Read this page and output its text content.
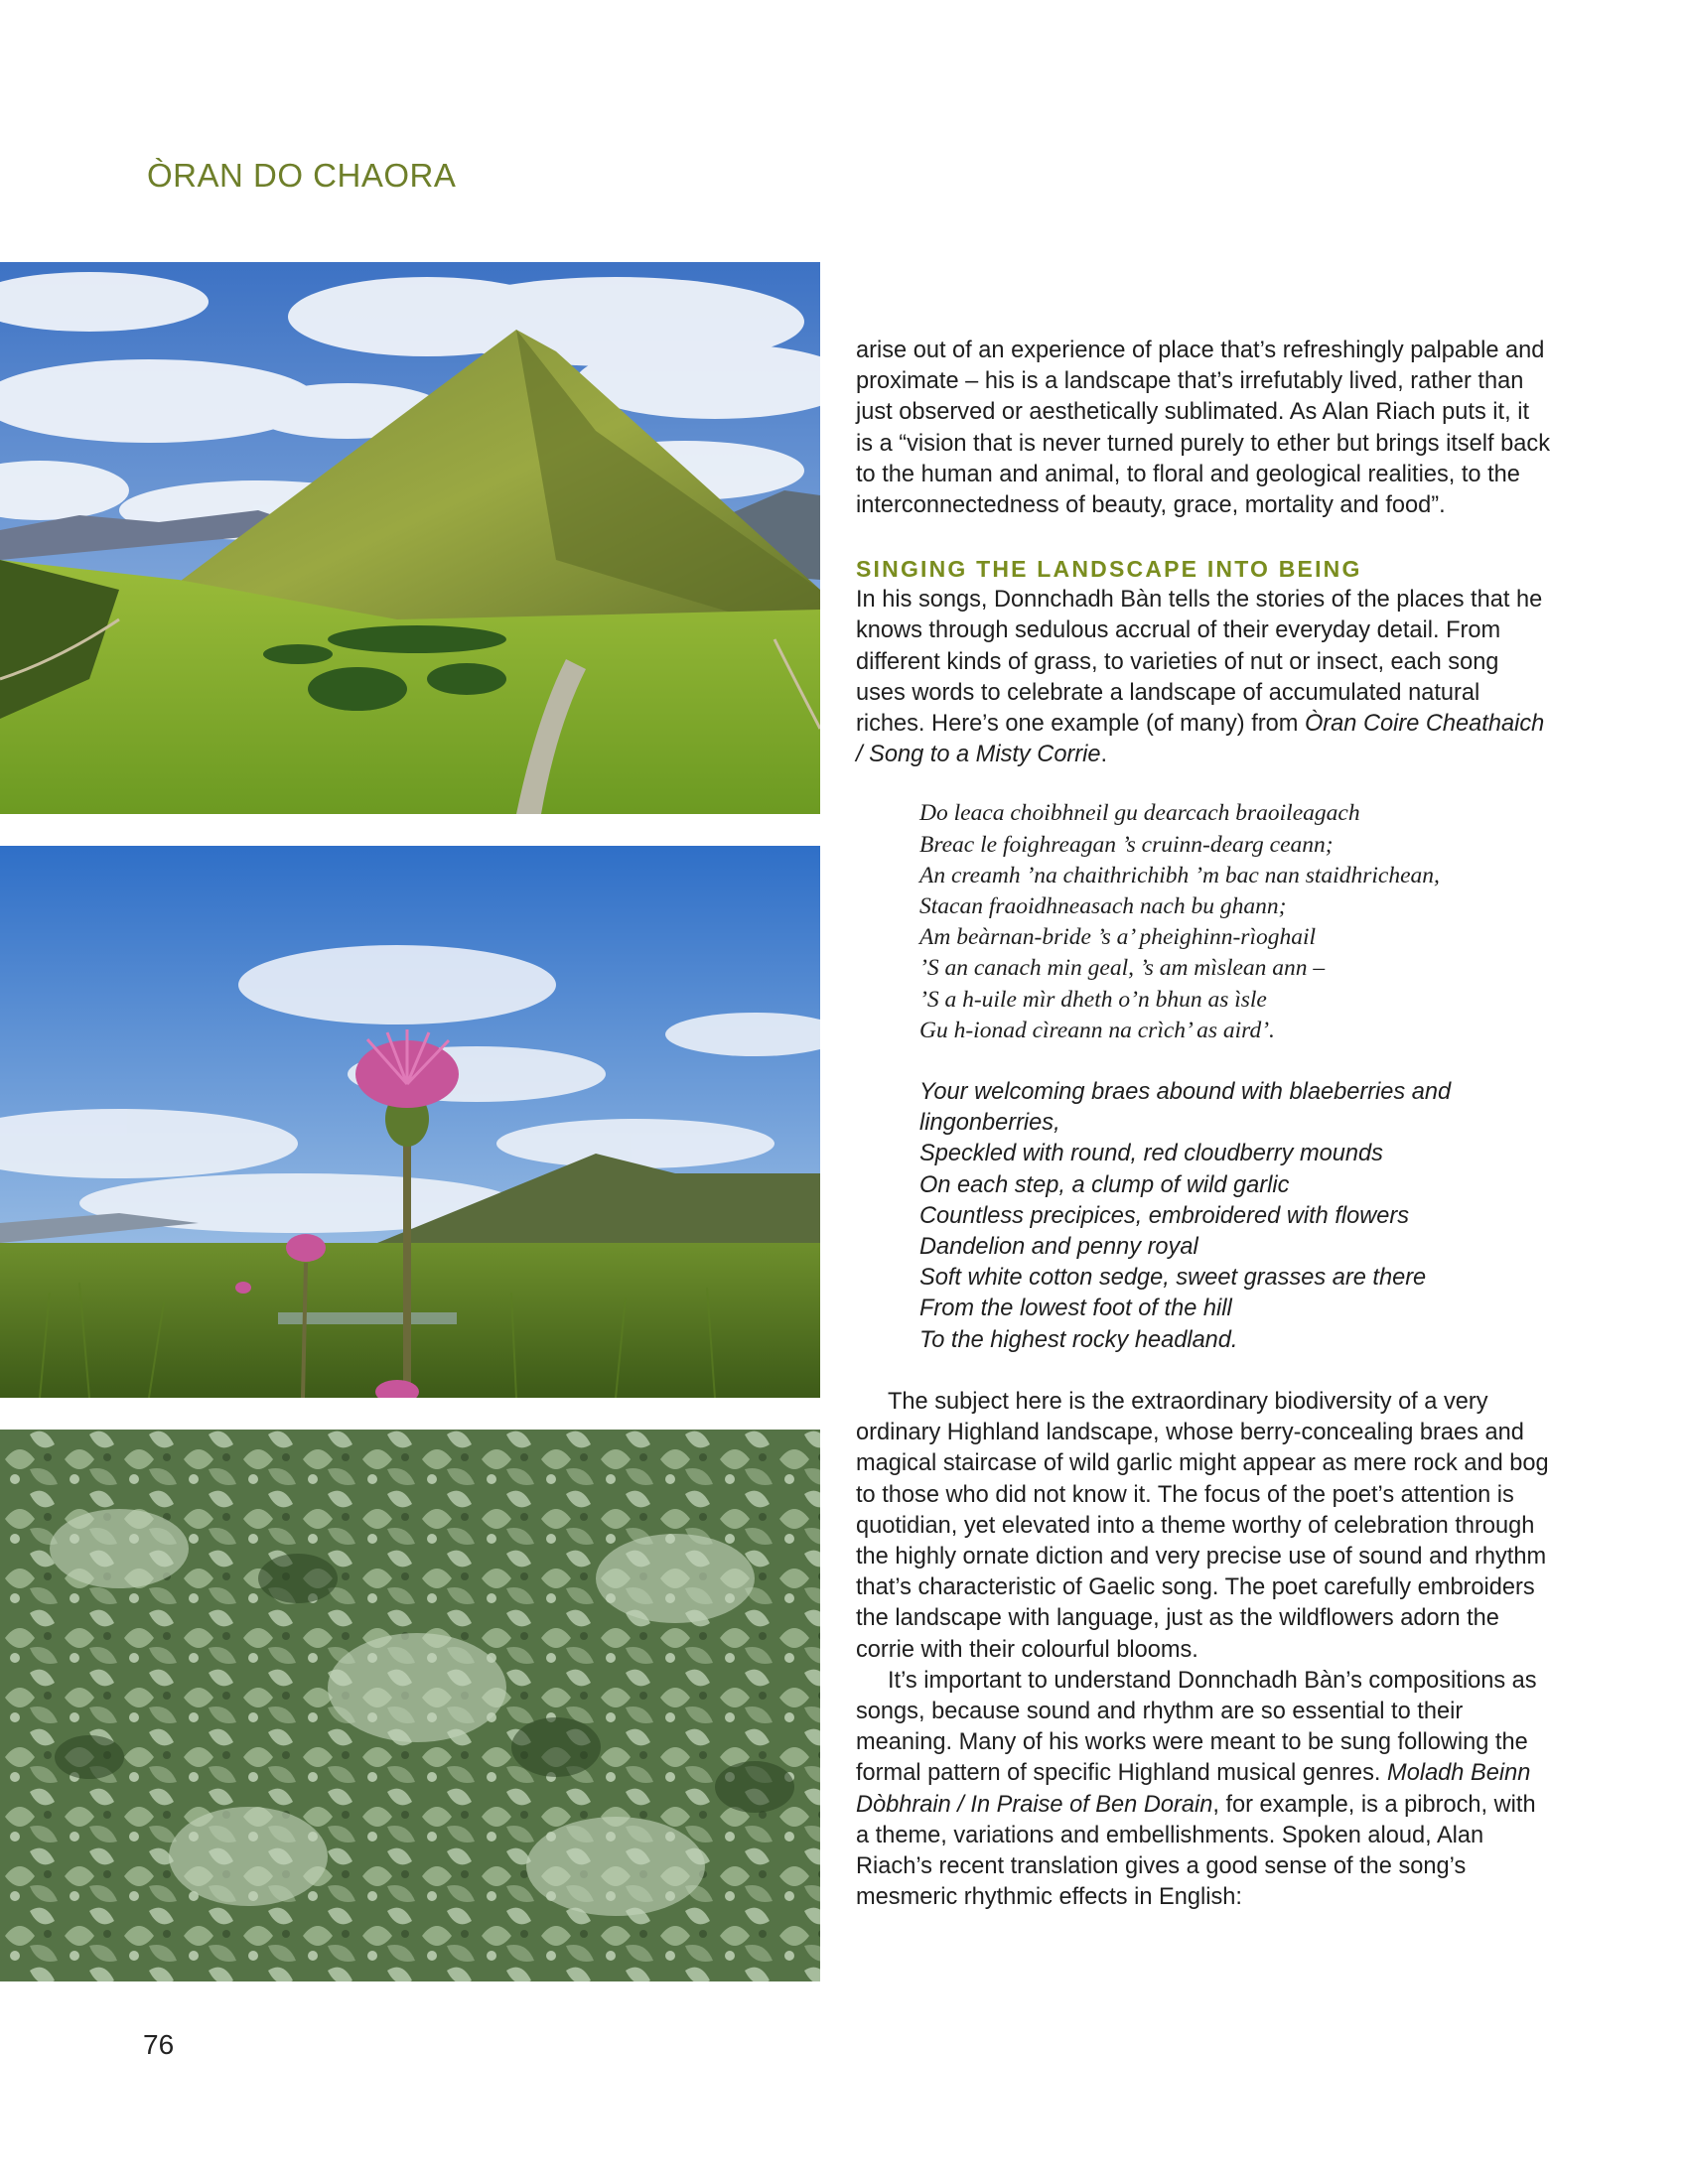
ÒRAN DO CHAORA

arise out of an experience of place that’s refreshingly palpable and proximate – his is a landscape that’s irrefutably lived, rather than just observed or aesthetically sublimated. As Alan Riach puts it, it is a “vision that is never turned purely to ether but brings itself back to the human and animal, to floral and geological realities, to the interconnectedness of beauty, grace, mortality and food”.

SINGING THE LANDSCAPE INTO BEING

In his songs, Donnchadh Bàn tells the stories of the places that he knows through sedulous accrual of their everyday detail. From different kinds of grass, to varieties of nut or insect, each song uses words to celebrate a landscape of accumulated natural riches. Here’s one example (of many) from Òran Coire Cheathaich / Song to a Misty Corrie.

Do leaca choibhneil gu dearcach braoileagach
Breac le foighreagan ’s cruinn-dearg ceann;
An creamh ’na chaithrichibh ’m bac nan staidhrichean,
Stacan fraoidhneasach nach bu ghann;
Am beàrnan-bride ’s a’ pheighinn-rìoghail
’S an canach min geal, ’s am mìslean ann –
’S a h-uile mìr dheth o’n bhun as ìsle
Gu h-ionad cìreann na crìch’ as aird’.
Your welcoming braes abound with blaeberries and
lingonberries,
Speckled with round, red cloudberry mounds
On each step, a clump of wild garlic
Countless precipices, embroidered with flowers
Dandelion and penny royal
Soft white cotton sedge, sweet grasses are there
From the lowest foot of the hill
To the highest rocky headland.

The subject here is the extraordinary biodiversity of a very ordinary Highland landscape, whose berry-concealing braes and magical staircase of wild garlic might appear as mere rock and bog to those who did not know it. The focus of the poet’s attention is quotidian, yet elevated into a theme worthy of celebration through the highly ornate diction and very precise use of sound and rhythm that’s characteristic of Gaelic song. The poet carefully embroiders the landscape with language, just as the wildflowers adorn the corrie with their colourful blooms.

It’s important to understand Donnchadh Bàn’s compositions as songs, because sound and rhythm are so essential to their meaning. Many of his works were meant to be sung following the formal pattern of specific Highland musical genres. Moladh Beinn Dòbhrain / In Praise of Ben Dorain, for example, is a pibroch, with a theme, variations and embellishments. Spoken aloud, Alan Riach’s recent translation gives a good sense of the song’s mesmeric rhythmic effects in English:

76
